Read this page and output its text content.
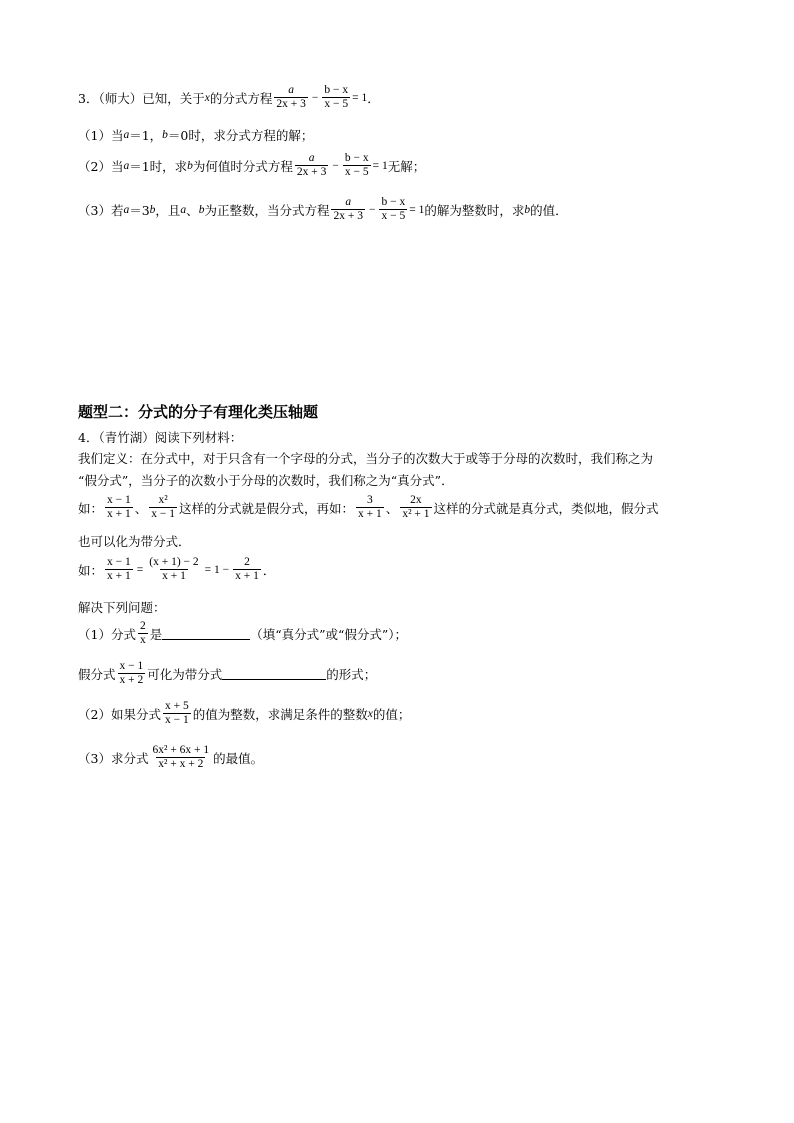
3．（师大）已知，关于 x 的分式方程 $\frac{a}{2x + 3} - \frac{b - x}{x - 5} = 1$ ．
（1）当 a ＝1， b ＝0时，求分式方程的解；
（2）当 a ＝1时，求 b 为何值时分式方程 $\frac{a}{2x + 3} - \frac{b - x}{x - 5} = 1$ 无解；
（3）若 a ＝3 b ，且 a 、 b 为正整数，当分式方程 $\frac{a}{2x + 3} - \frac{b - x}{x - 5} = 1$ 的解为整数时，求 b 的值．
题型二：分式的分子有理化类压轴题
4．（青竹湖）阅读下列材料：
我们定义：在分式中，对于只含有一个字母的分式，当分子的次数大于或等于分母的次数时，我们称之为
“假分式”，当分子的次数小于分母的次数时，我们称之为“真分式”．
如： $\frac{x - 1}{x + 1}$ 、 $\frac{\text{x²}}{x - 1}$ 这样的分式就是假分式，再如： $\frac{3}{x + 1}$ 、 $\frac{2x}{\text{x² + 1}}$ 这样的分式就是真分式，类似地，假分式
也可以化为带分式．
如： $\frac{x - 1}{x + 1} = \frac{(x + 1) - 2}{x + 1} = 1 - \frac{2}{x + 1}$ ．
解决下列问题：
（1）分式 $\frac{2}{x}$ 是	（填“真分式”或“假分式”）；
假分式 $\frac{x - 1}{x + 2}$ 可化为带分式	的形式；
（2）如果分式 $\frac{x + 5}{x - 1}$ 的值为整数，求满足条件的整数 x 的值；
（3）求分式 $\frac{\text{6x² + 6x + 1}}{\text{x² + x + 2}}$ 的最值。
